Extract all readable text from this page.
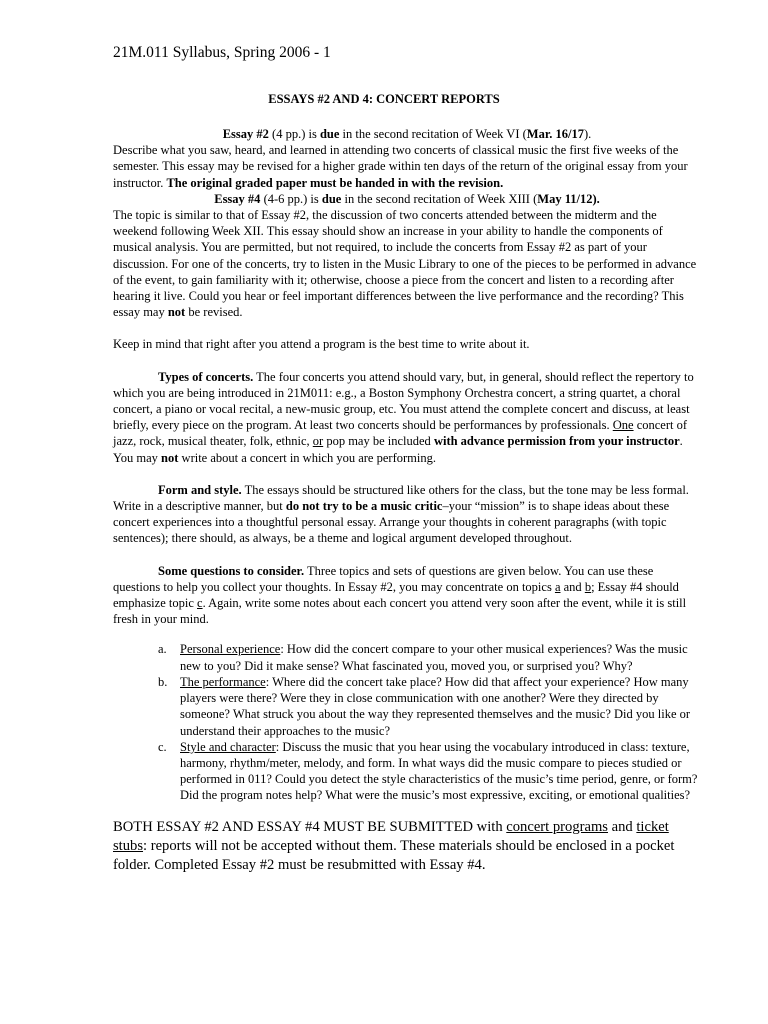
21M.011 Syllabus, Spring 2006 - 1
ESSAYS #2 AND 4: CONCERT REPORTS

Essay #2 (4 pp.) is due in the second recitation of Week VI (Mar. 16/17).

Describe what you saw, heard, and learned in attending two concerts of classical music the first five weeks of the semester. This essay may be revised for a higher grade within ten days of the return of the original essay from your instructor. The original graded paper must be handed in with the revision.

Essay #4 (4-6 pp.) is due in the second recitation of Week XIII (May 11/12).

The topic is similar to that of Essay #2, the discussion of two concerts attended between the midterm and the weekend following Week XII. This essay should show an increase in your ability to handle the components of musical analysis. You are permitted, but not required, to include the concerts from Essay #2 as part of your discussion. For one of the concerts, try to listen in the Music Library to one of the pieces to be performed in advance of the event, to gain familiarity with it; otherwise, choose a piece from the concert and listen to a recording after hearing it live. Could you hear or feel important differences between the live performance and the recording? This essay may not be revised.

Keep in mind that right after you attend a program is the best time to write about it.

Types of concerts. The four concerts you attend should vary, but, in general, should reflect the repertory to which you are being introduced in 21M011: e.g., a Boston Symphony Orchestra concert, a string quartet, a choral concert, a piano or vocal recital, a new-music group, etc. You must attend the complete concert and discuss, at least briefly, every piece on the program. At least two concerts should be performances by professionals. One concert of jazz, rock, musical theater, folk, ethnic, or pop may be included with advance permission from your instructor. You may not write about a concert in which you are performing.

Form and style. The essays should be structured like others for the class, but the tone may be less formal. Write in a descriptive manner, but do not try to be a music critic–your “mission” is to shape ideas about these concert experiences into a thoughtful personal essay. Arrange your thoughts in coherent paragraphs (with topic sentences); there should, as always, be a theme and logical argument developed throughout.

Some questions to consider. Three topics and sets of questions are given below. You can use these questions to help you collect your thoughts. In Essay #2, you may concentrate on topics a and b; Essay #4 should emphasize topic c. Again, write some notes about each concert you attend very soon after the event, while it is still fresh in your mind.

a. Personal experience: How did the concert compare to your other musical experiences? Was the music new to you? Did it make sense? What fascinated you, moved you, or surprised you? Why?
b. The performance: Where did the concert take place? How did that affect your experience? How many players were there? Were they in close communication with one another? Were they directed by someone? What struck you about the way they represented themselves and the music? Did you like or understand their approaches to the music?
c. Style and character: Discuss the music that you hear using the vocabulary introduced in class: texture, harmony, rhythm/meter, melody, and form. In what ways did the music compare to pieces studied or performed in 011? Could you detect the style characteristics of the music’s time period, genre, or form? Did the program notes help? What were the music’s most expressive, exciting, or emotional qualities?

BOTH ESSAY #2 AND ESSAY #4 MUST BE SUBMITTED with concert programs and ticket stubs: reports will not be accepted without them. These materials should be enclosed in a pocket folder. Completed Essay #2 must be resubmitted with Essay #4.
